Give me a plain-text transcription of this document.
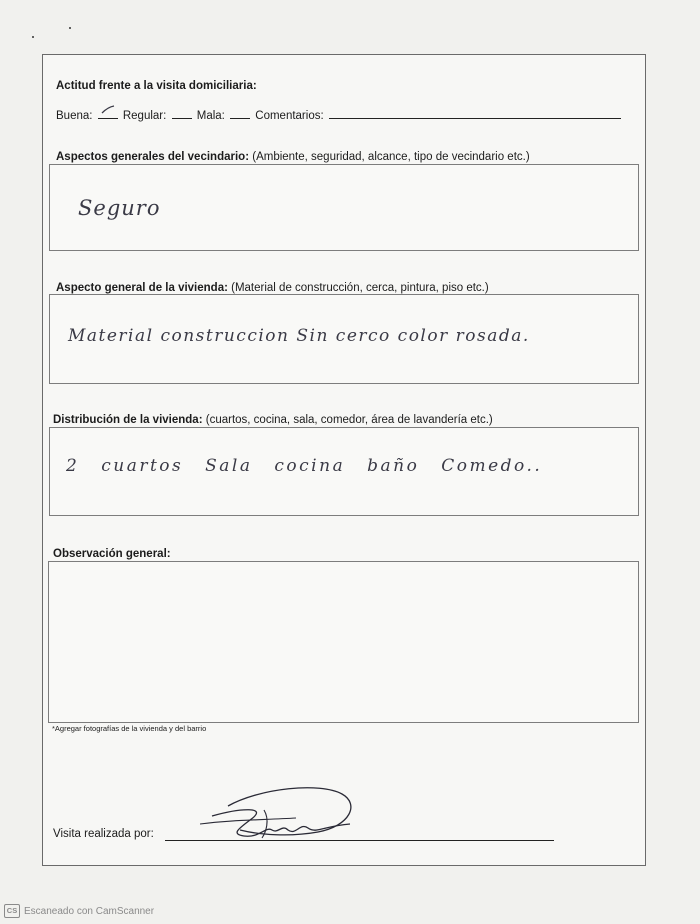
Actitud frente a la visita domiciliaria:
Buena:	Regular:	Mala:	Comentarios:
Aspectos generales del vecindario: (Ambiente, seguridad, alcance, tipo de vecindario etc.)
Seguro
Aspecto general de la vivienda: (Material de construcción, cerca, pintura, piso etc.)
Material construccion Sin cerco color rosada.
Distribución de la vivienda: (cuartos, cocina, sala, comedor, área de lavandería etc.)
2 cuartos Sala cocina baño Comedo..
Observación general:
*Agregar fotografías de la vivienda y del barrio
Visita realizada por:
CS Escaneado con CamScanner
